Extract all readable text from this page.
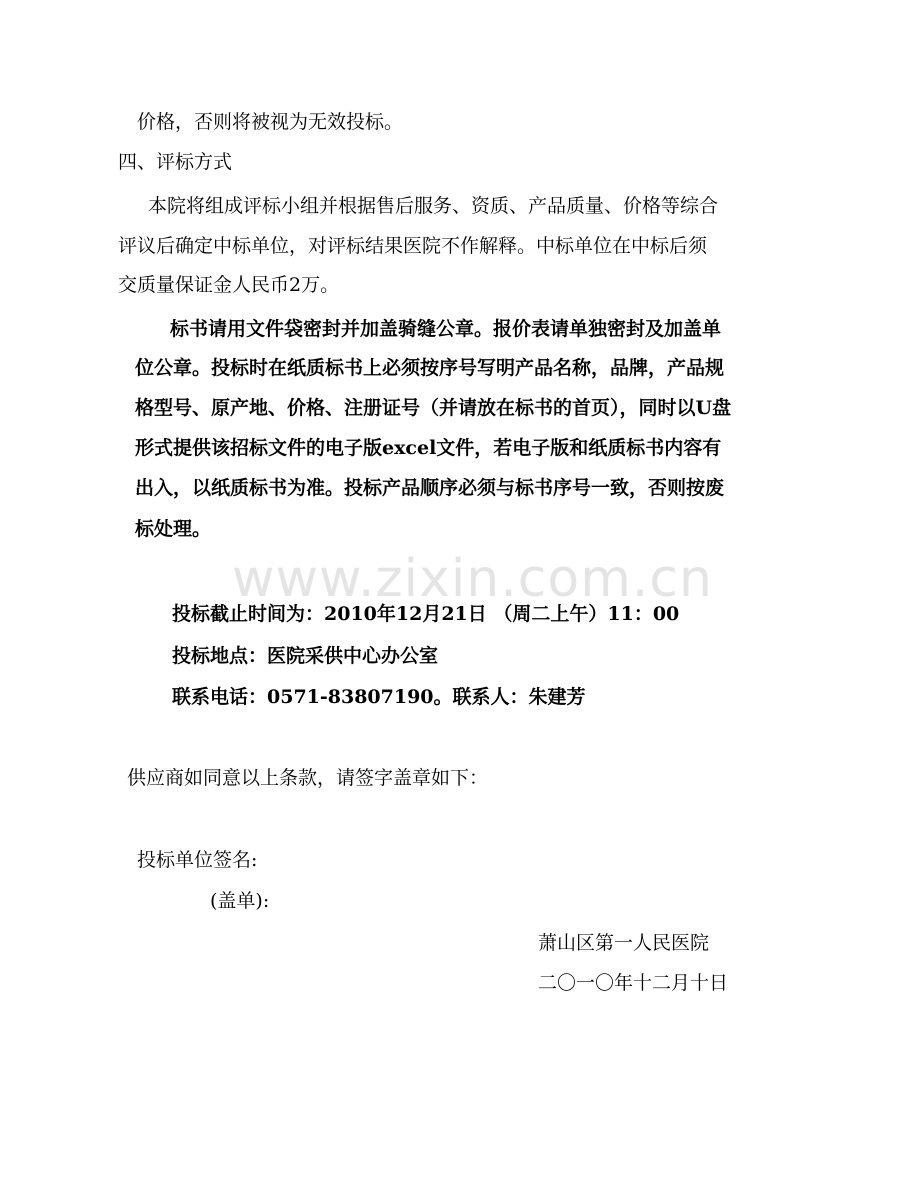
www.zixin.com.cn
价格，否则将被视为无效投标。
四、评标方式
本院将组成评标小组并根据售后服务、资质、产品质量、价格等综合
评议后确定中标单位，对评标结果医院不作解释。中标单位在中标后须
交质量保证金人民币2万。
标书请用文件袋密封并加盖骑缝公章。报价表请单独密封及加盖单
位公章。投标时在纸质标书上必须按序号写明产品名称，品牌，产品规
格型号、原产地、价格、注册证号（并请放在标书的首页），同时以U盘
形式提供该招标文件的电子版excel文件，若电子版和纸质标书内容有
出入，以纸质标书为准。投标产品顺序必须与标书序号一致，否则按废
标处理。
投标截止时间为：2010年12月21日 （周二上午）11：00
投标地点：医院采供中心办公室
联系电话：0571-83807190。联系人：朱建芳
供应商如同意以上条款，请签字盖章如下：
投标单位签名:
(盖单):
萧山区第一人民医院
二〇一〇年十二月十日
